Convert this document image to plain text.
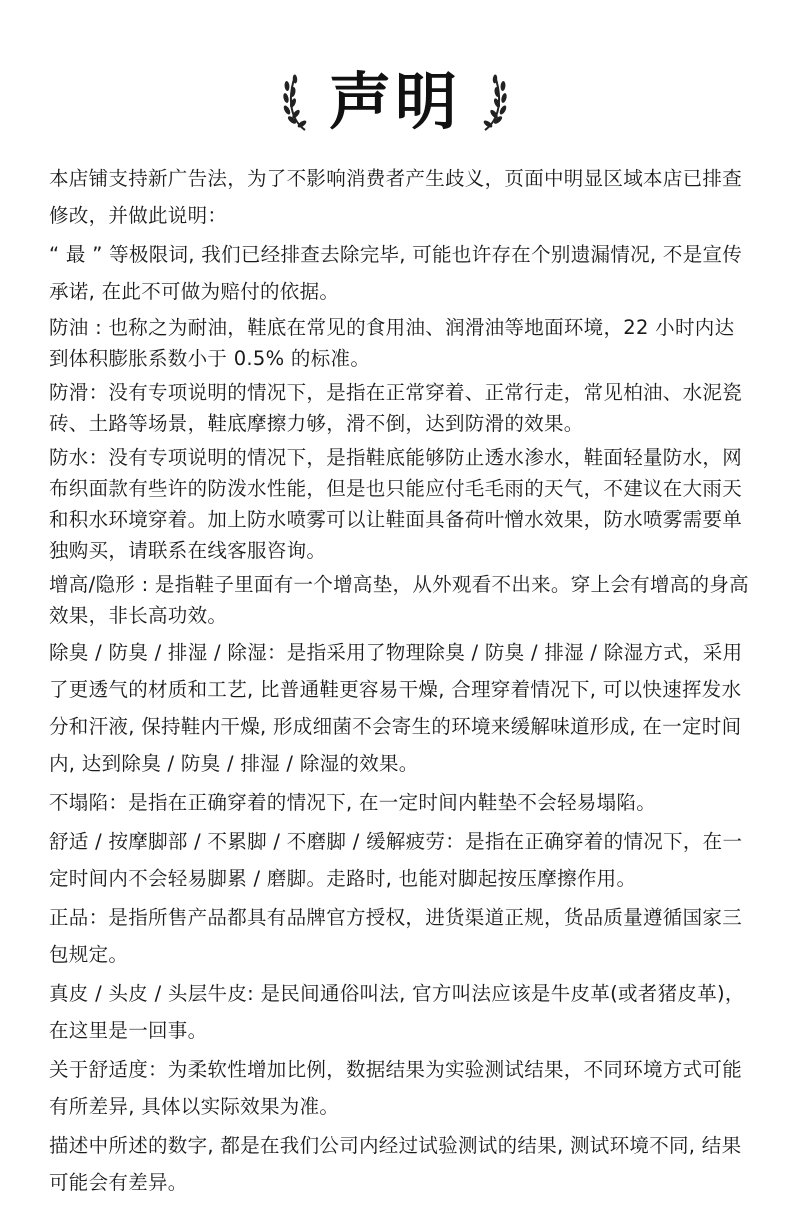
声明

本店铺支持新广告法，为了不影响消费者产生歧义，页面中明显区域本店已排查修改，并做此说明：

“ 最 ” 等极限词, 我们已经排查去除完毕, 可能也许存在个别遗漏情况, 不是宣传承诺, 在此不可做为赔付的依据。

防油 : 也称之为耐油，鞋底在常见的食用油、润滑油等地面环境，22 小时内达到体积膨胀系数小于 0.5% 的标准。

防滑：没有专项说明的情况下，是指在正常穿着、正常行走，常见柏油、水泥瓷砖、土路等场景，鞋底摩擦力够，滑不倒，达到防滑的效果。

防水：没有专项说明的情况下，是指鞋底能够防止透水渗水，鞋面轻量防水，网布织面款有些许的防泼水性能，但是也只能应付毛毛雨的天气，不建议在大雨天和积水环境穿着。加上防水喷雾可以让鞋面具备荷叶憎水效果，防水喷雾需要单独购买，请联系在线客服咨询。

增高/隐形 : 是指鞋子里面有一个增高垫，从外观看不出来。穿上会有增高的身高效果，非长高功效。

除臭 / 防臭 / 排湿 / 除湿：是指采用了物理除臭 / 防臭 / 排湿 / 除湿方式，采用了更透气的材质和工艺, 比普通鞋更容易干燥, 合理穿着情况下, 可以快速挥发水分和汗液, 保持鞋内干燥, 形成细菌不会寄生的环境来缓解味道形成, 在一定时间内, 达到除臭 / 防臭 / 排湿 / 除湿的效果。

不塌陷：是指在正确穿着的情况下, 在一定时间内鞋垫不会轻易塌陷。

舒适 / 按摩脚部 / 不累脚 / 不磨脚 / 缓解疲劳：是指在正确穿着的情况下，在一定时间内不会轻易脚累 / 磨脚。走路时, 也能对脚起按压摩擦作用。

正品：是指所售产品都具有品牌官方授权，进货渠道正规，货品质量遵循国家三包规定。

真皮 / 头皮 / 头层牛皮: 是民间通俗叫法, 官方叫法应该是牛皮革(或者猪皮革)，在这里是一回事。

关于舒适度：为柔软性增加比例，数据结果为实验测试结果，不同环境方式可能有所差异, 具体以实际效果为准。

描述中所述的数字, 都是在我们公司内经过试验测试的结果, 测试环境不同, 结果可能会有差异。
